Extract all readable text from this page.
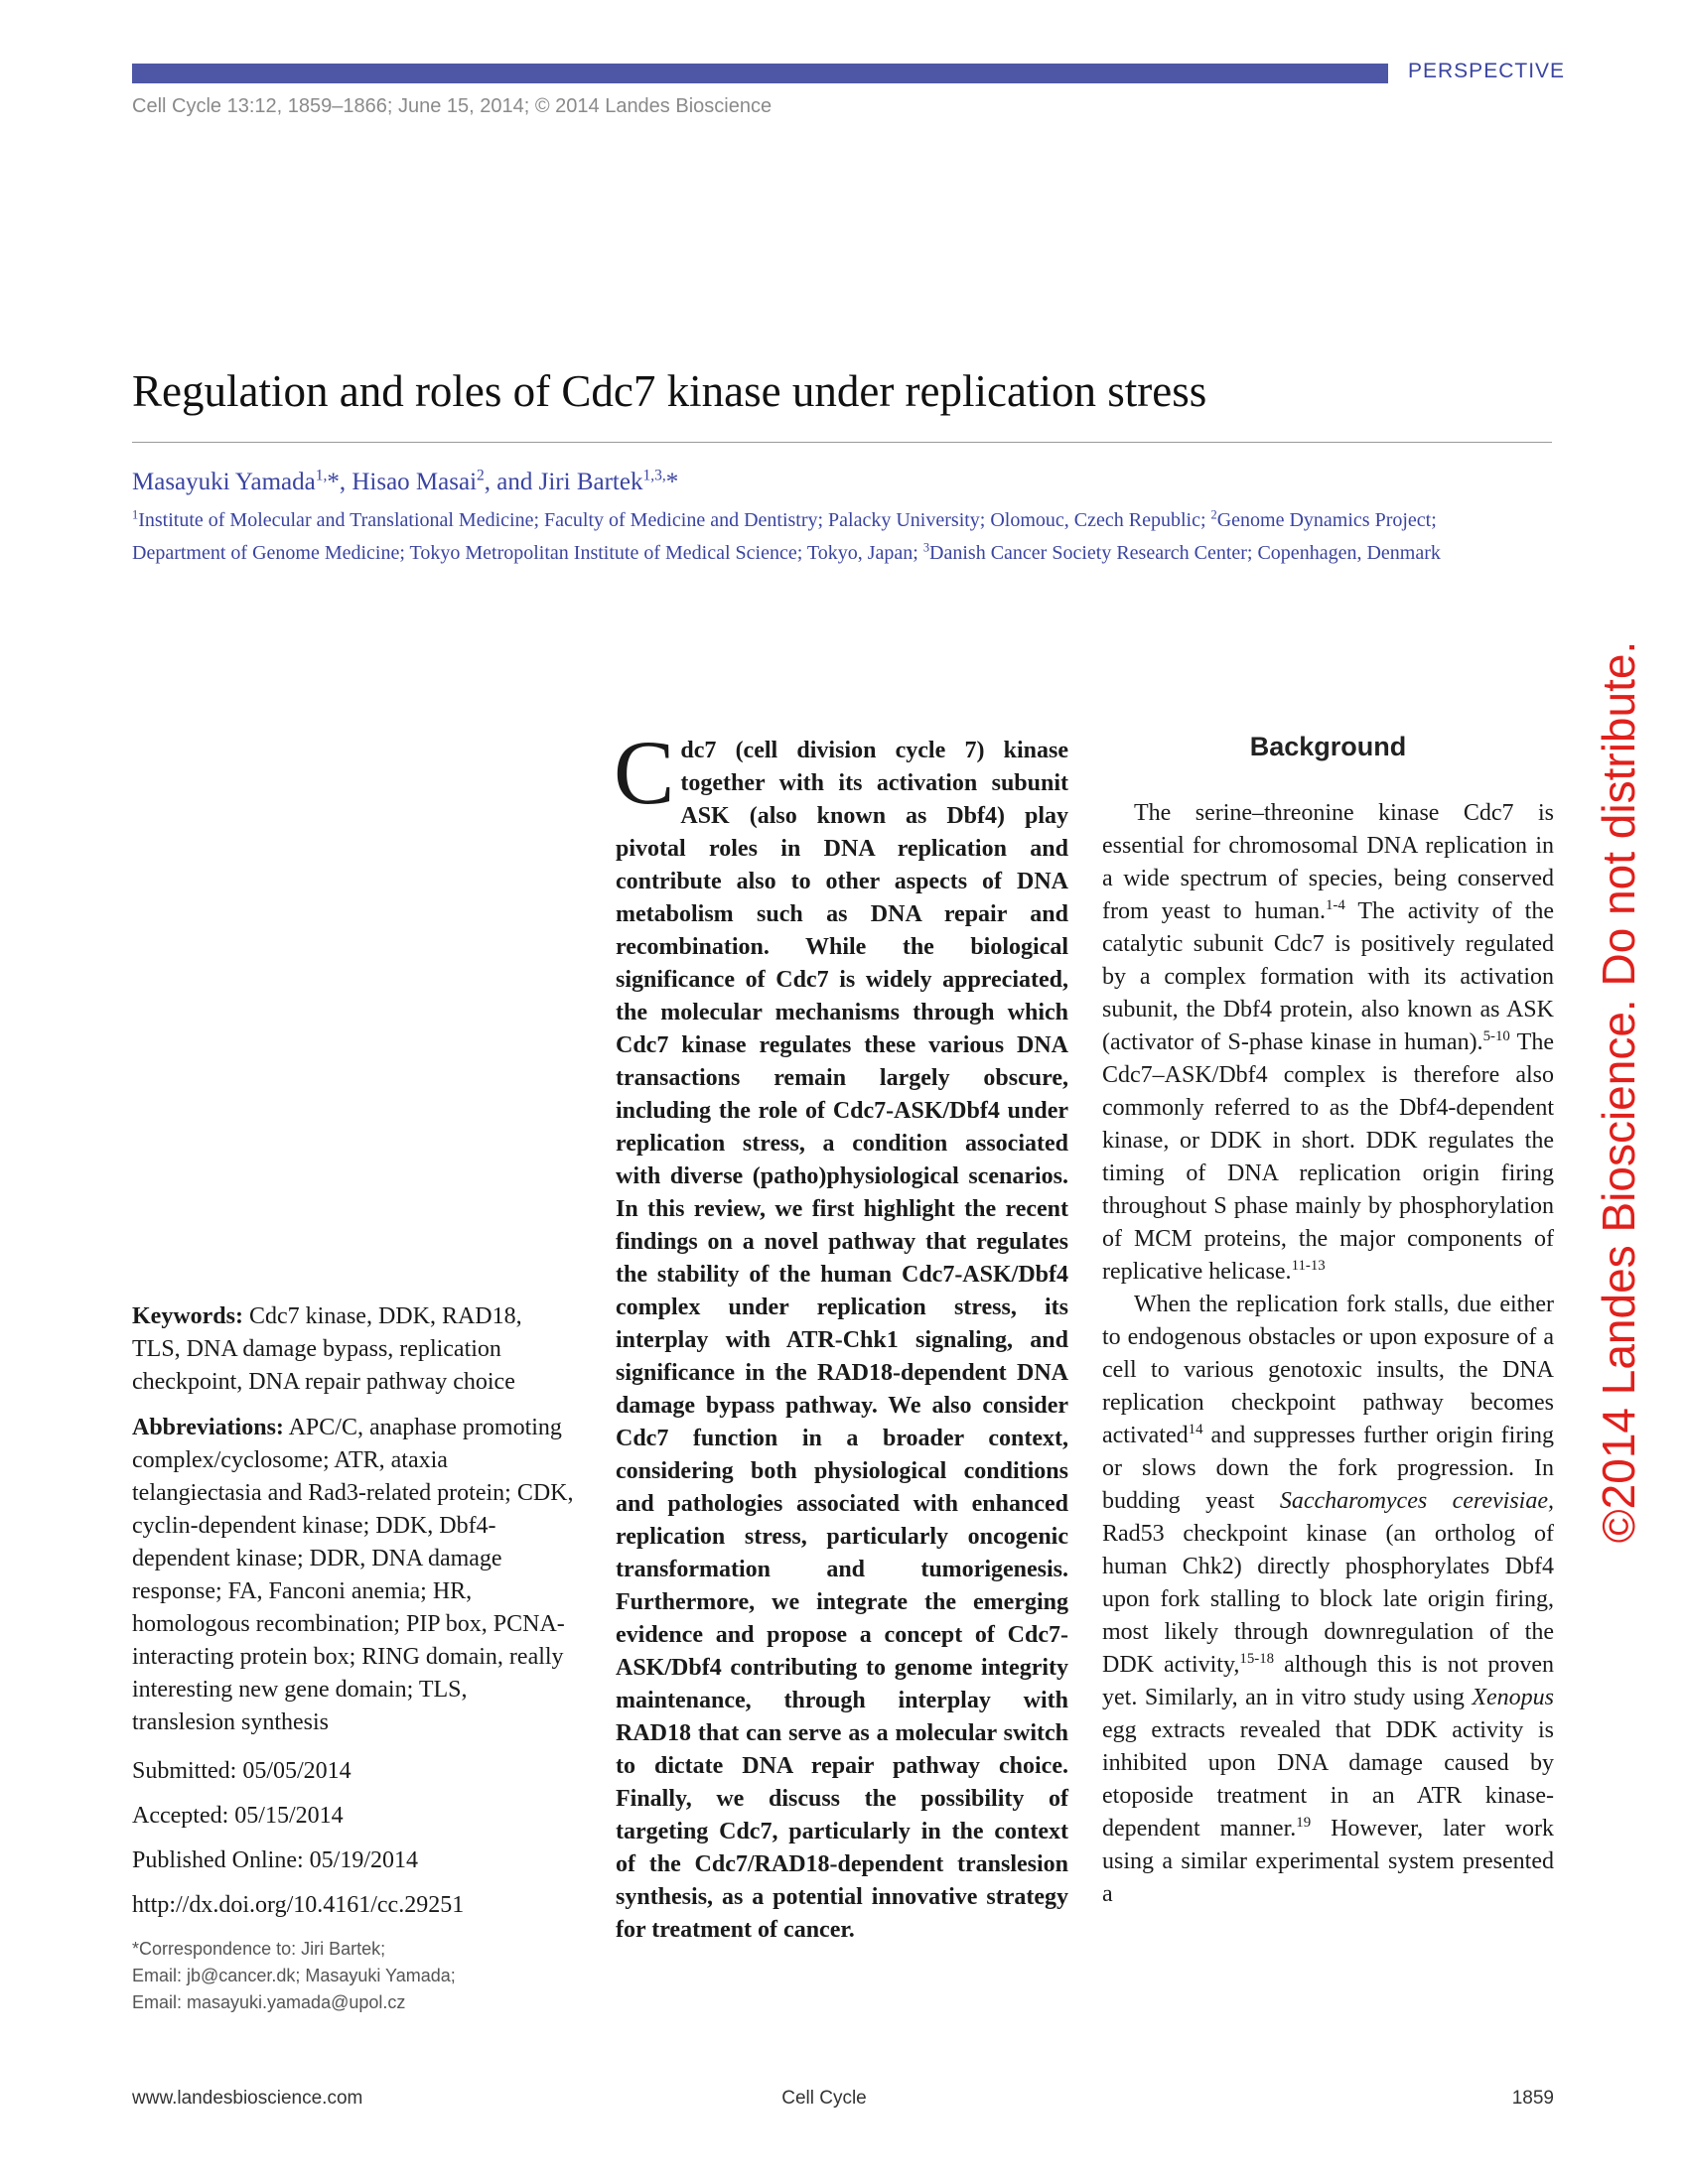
PERSPECTIVE
Cell Cycle 13:12, 1859–1866; June 15, 2014; © 2014 Landes Bioscience
Regulation and roles of Cdc7 kinase under replication stress
Masayuki Yamada$^{1,}$*, Hisao Masai$^2$, and Jiri Bartek$^{1,3,}$*
$^1$Institute of Molecular and Translational Medicine; Faculty of Medicine and Dentistry; Palacky University; Olomouc, Czech Republic; $^2$Genome Dynamics Project; Department of Genome Medicine; Tokyo Metropolitan Institute of Medical Science; Tokyo, Japan; $^3$Danish Cancer Society Research Center; Copenhagen, Denmark
Keywords: Cdc7 kinase, DDK, RAD18, TLS, DNA damage bypass, replication checkpoint, DNA repair pathway choice
Abbreviations: APC/C, anaphase promoting complex/cyclosome; ATR, ataxia telangiectasia and Rad3-related protein; CDK, cyclin-dependent kinase; DDK, Dbf4-dependent kinase; DDR, DNA damage response; FA, Fanconi anemia; HR, homologous recombination; PIP box, PCNA-interacting protein box; RING domain, really interesting new gene domain; TLS, translesion synthesis
Submitted: 05/05/2014
Accepted: 05/15/2014
Published Online: 05/19/2014
http://dx.doi.org/10.4161/cc.29251
*Correspondence to: Jiri Bartek;
Email: jb@cancer.dk; Masayuki Yamada;
Email: masayuki.yamada@upol.cz
Cdc7 (cell division cycle 7) kinase together with its activation subunit ASK (also known as Dbf4) play pivotal roles in DNA replication and contribute also to other aspects of DNA metabolism such as DNA repair and recombination. While the biological significance of Cdc7 is widely appreciated, the molecular mechanisms through which Cdc7 kinase regulates these various DNA transactions remain largely obscure, including the role of Cdc7-ASK/Dbf4 under replication stress, a condition associated with diverse (patho)physiological scenarios. In this review, we first highlight the recent findings on a novel pathway that regulates the stability of the human Cdc7-ASK/Dbf4 complex under replication stress, its interplay with ATR-Chk1 signaling, and significance in the RAD18-dependent DNA damage bypass pathway. We also consider Cdc7 function in a broader context, considering both physiological conditions and pathologies associated with enhanced replication stress, particularly oncogenic transformation and tumorigenesis. Furthermore, we integrate the emerging evidence and propose a concept of Cdc7-ASK/Dbf4 contributing to genome integrity maintenance, through interplay with RAD18 that can serve as a molecular switch to dictate DNA repair pathway choice. Finally, we discuss the possibility of targeting Cdc7, particularly in the context of the Cdc7/RAD18-dependent translesion synthesis, as a potential innovative strategy for treatment of cancer.
Background

The serine–threonine kinase Cdc7 is essential for chromosomal DNA replication in a wide spectrum of species, being conserved from yeast to human.$^{1-4}$ The activity of the catalytic subunit Cdc7 is positively regulated by a complex formation with its activation subunit, the Dbf4 protein, also known as ASK (activator of S-phase kinase in human).$^{5-10}$ The Cdc7–ASK/Dbf4 complex is therefore also commonly referred to as the Dbf4-dependent kinase, or DDK in short. DDK regulates the timing of DNA replication origin firing throughout S phase mainly by phosphorylation of MCM proteins, the major components of replicative helicase.$^{11-13}$

When the replication fork stalls, due either to endogenous obstacles or upon exposure of a cell to various genotoxic insults, the DNA replication checkpoint pathway becomes activated$^{14}$ and suppresses further origin firing or slows down the fork progression. In budding yeast Saccharomyces cerevisiae, Rad53 checkpoint kinase (an ortholog of human Chk2) directly phosphorylates Dbf4 upon fork stalling to block late origin firing, most likely through downregulation of the DDK activity,$^{15-18}$ although this is not proven yet. Similarly, an in vitro study using Xenopus egg extracts revealed that DDK activity is inhibited upon DNA damage caused by etoposide treatment in an ATR kinase-dependent manner.$^{19}$ However, later work using a similar experimental system presented a

©2014 Landes Bioscience. Do not distribute.
www.landesbioscience.com	Cell Cycle	1859
